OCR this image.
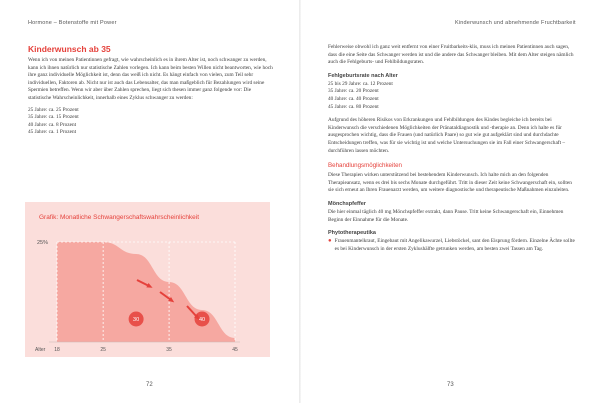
Hormone – Botenstoffe mit Power
Kinderwunsch ab 35

Wenn ich von meinen Patientinnen gefragt, wie wahrscheinlich es in ihrem Alter ist, noch schwanger zu werden, kann ich ihnen natürlich nur statistische Zahlen vorlegen. Ich kann beim besten Willen nicht beantworten, wie hoch ihre ganz individuelle Möglichkeit ist, denn das weiß ich nicht. Es hängt einfach von vielen, zum Teil sehr individuellen, Faktoren ab. Nicht nur ist auch das Lebensalter, das man maßgeblich für Bezahlungen wird seine Spermien betreffen. Wenn wir aber über Zahlen sprechen, liegt sich thesen immer ganz folgende vor: Die statistische Wahrscheinlichkeit, innerhalb eines Zyklus schwanger zu werden:

25 Jahre: ca. 25 Prozent
35 Jahre: ca. 15 Prozent
40 Jahre: ca. 8 Prozent
45 Jahre: ca. 1 Prozent
Grafik: Monatliche Schwangerschaftswahrscheinlichkeit
25%
Alter 18	25	35	45
30	40
72
Kinderwunsch und abnehmende Fruchtbarkeit

Fehlerweise obwohl ich ganz weit entfernt von einer Fruitbarkeits-klis, muss ich meinen Patientinnen auch sagen, dass die eine Seite das Schwanger werden ist und die andere das Schwanger bleiben. Mit dem Alter steigen nämlich auch die Fehlgeburts- und Fehlbildungsraten.

Fehlgeburtsrate nach Alter
25 bis 29 Jahre: ca. 12 Prozent
35 Jahre: ca. 20 Prozent
40 Jahre: ca. 40 Prozent
45 Jahre: ca. 80 Prozent

Aufgrund des höheren Risikos von Erkrankungen und Fehlbildungen des Kindes begleiche ich bereits bei Kinderwunsch die verschiedenen Möglichkeiten der Pränataldiagnostik und -therapie an. Denn ich halte es für ausgesprochen wichtig, dass die Frauen (und natürlich Paare) so gut wie gut aufgeklärt sind und durchdachte Entscheidungen treffen, was für sie wichtig ist und welche Untersuchungen sie im Fall einer Schwangerschaft – durchführen lassen möchten.

Behandlungsmöglichkeiten

Diese Therapien wirken unterstützend bei bestehendem Kinderwunsch. Ich halte mich an den folgenden Therapieansatz, wenn es drei bis sechs Monate durchgeführt. Tritt in dieser Zeit keine Schwangerschaft ein, sollten sie sich erneut an Ihren Frauenarzt werden, um weitere diagnostische und therapeutische Maßnahmen einzuleiten.

Mönchspfeffer

Die hier einmal täglich 40 mg Mönchspfeffer extrakt, dann Pause. Tritt keine Schwangerschaft ein, Einnehmen Beginn der Einnahme für die Monate.

Phytotherapeutika
● Frauenmantelkraut, Eingebaut mit Angelikawurzel, Liebstöckel, sant den Eisprung fördern. Einzelne Ächte sollte es bei Kinderwunsch in der ersten Zyklushälfte getrunken werden, am besten zwei Tassen am Tag.
73
